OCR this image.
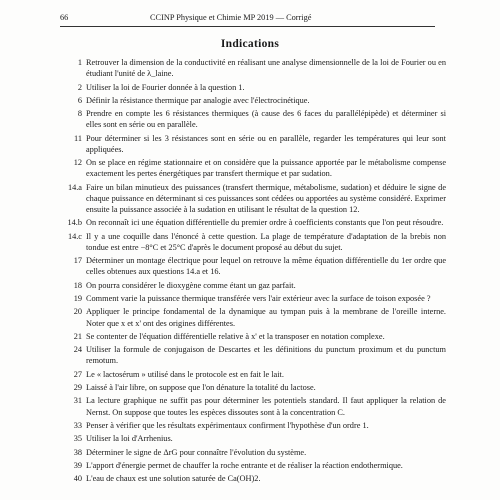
66	CCINP Physique et Chimie MP 2019 — Corrigé
Indications
1 Retrouver la dimension de la conductivité en réalisant une analyse dimensionnelle de la loi de Fourier ou en étudiant l'unité de λ_laine.
2 Utiliser la loi de Fourier donnée à la question 1.
6 Définir la résistance thermique par analogie avec l'électrocinétique.
8 Prendre en compte les 6 résistances thermiques (à cause des 6 faces du parallélépipède) et déterminer si elles sont en série ou en parallèle.
11 Pour déterminer si les 3 résistances sont en série ou en parallèle, regarder les températures qui leur sont appliquées.
12 On se place en régime stationnaire et on considère que la puissance apportée par le métabolisme compense exactement les pertes énergétiques par transfert thermique et par sudation.
14.a Faire un bilan minutieux des puissances (transfert thermique, métabolisme, sudation) et déduire le signe de chaque puissance en déterminant si ces puissances sont cédées ou apportées au système considéré. Exprimer ensuite la puissance associée à la sudation en utilisant le résultat de la question 12.
14.b On reconnaît ici une équation différentielle du premier ordre à coefficients constants que l'on peut résoudre.
14.c Il y a une coquille dans l'énoncé à cette question. La plage de température d'adaptation de la brebis non tondue est entre −8°C et 25°C d'après le document proposé au début du sujet.
17 Déterminer un montage électrique pour lequel on retrouve la même équation différentielle du 1er ordre que celles obtenues aux questions 14.a et 16.
18 On pourra considérer le dioxygène comme étant un gaz parfait.
19 Comment varie la puissance thermique transférée vers l'air extérieur avec la surface de toison exposée ?
20 Appliquer le principe fondamental de la dynamique au tympan puis à la membrane de l'oreille interne. Noter que x et x' ont des origines différentes.
21 Se contenter de l'équation différentielle relative à x' et la transposer en notation complexe.
24 Utiliser la formule de conjugaison de Descartes et les définitions du punctum proximum et du punctum remotum.
27 Le « lactosérum » utilisé dans le protocole est en fait le lait.
29 Laissé à l'air libre, on suppose que l'on dénature la totalité du lactose.
31 La lecture graphique ne suffit pas pour déterminer les potentiels standard. Il faut appliquer la relation de Nernst. On suppose que toutes les espèces dissoutes sont à la concentration C.
33 Penser à vérifier que les résultats expérimentaux confirment l'hypothèse d'un ordre 1.
35 Utiliser la loi d'Arrhenius.
38 Déterminer le signe de ΔrG pour connaître l'évolution du système.
39 L'apport d'énergie permet de chauffer la roche entrante et de réaliser la réaction endothermique.
40 L'eau de chaux est une solution saturée de Ca(OH)2.
